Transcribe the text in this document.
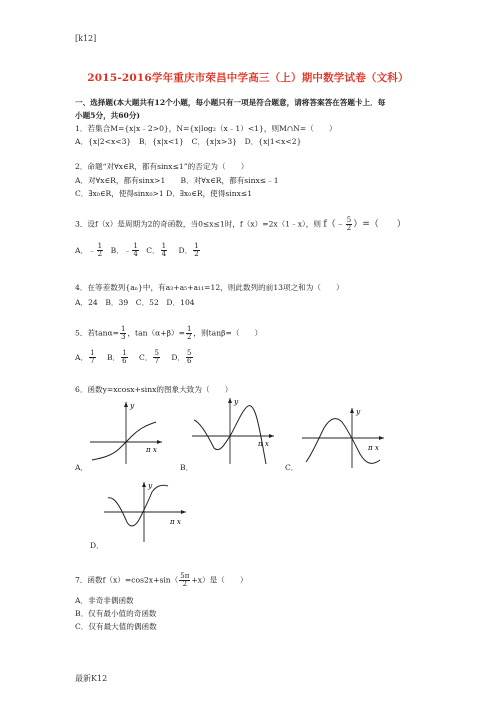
[k12]
2015-2016学年重庆市荣昌中学高三（上）期中数学试卷（文科）
一、选择题(本大题共有12个小题，每小题只有一项是符合题意，请将答案答在答题卡上．每
小题5分，共60分)
1．若集合M={x|x﹣2>0}，N={x|log₂（x﹣1）<1}，则M∩N=（　　）
A．{x|2<x<3}　B．{x|x<1}　C．{x|x>3}　D．{x|1<x<2}
2．命题“对∀x∈R，都有sinx≤1”的否定为（　　）
A．对∀x∈R，都有sinx>1　　B．对∀x∈R，都有sinx≤﹣1
C．∃x₀∈R，使得sinx₀>1 D．∃x₀∈R，使得sinx≤1
3．设f（x）是周期为2的奇函数，当0≤x≤1时，f（x）=2x（1﹣x），则 f（﹣ $\frac{5}{2}$ ）=（　　）
A．﹣ $\frac{1}{2}$ B．﹣ $\frac{1}{4}$ C． $\frac{1}{4}$ D． $\frac{1}{2}$
4．在等差数列{aₙ}中，有a₃+a₅+a₁₁=12，则此数列的前13项之和为（　　）
A．24　B．39　C．52　D．104
5．若$\tan\alpha= \frac{1}{3}$ ，$\tan(\alpha+\beta)= \frac{1}{2}$ ，则tanβ=（　　）
A． $\frac{1}{7}$ B． $\frac{1}{6}$ C． $\frac{5}{7}$ D． $\frac{5}{6}$
6．函数y=xcosx+sinx的图象大致为（　　）
y
π x
A．
y
π x
B．
y
π x
C．
y
π x
D．
7．函数$f(x)=\cos 2x+\sin( \frac{5\pi}{2} +x)$是（　　）
A．非奇非偶函数
B．仅有最小值的奇函数
C．仅有最大值的偶函数
最新K12
